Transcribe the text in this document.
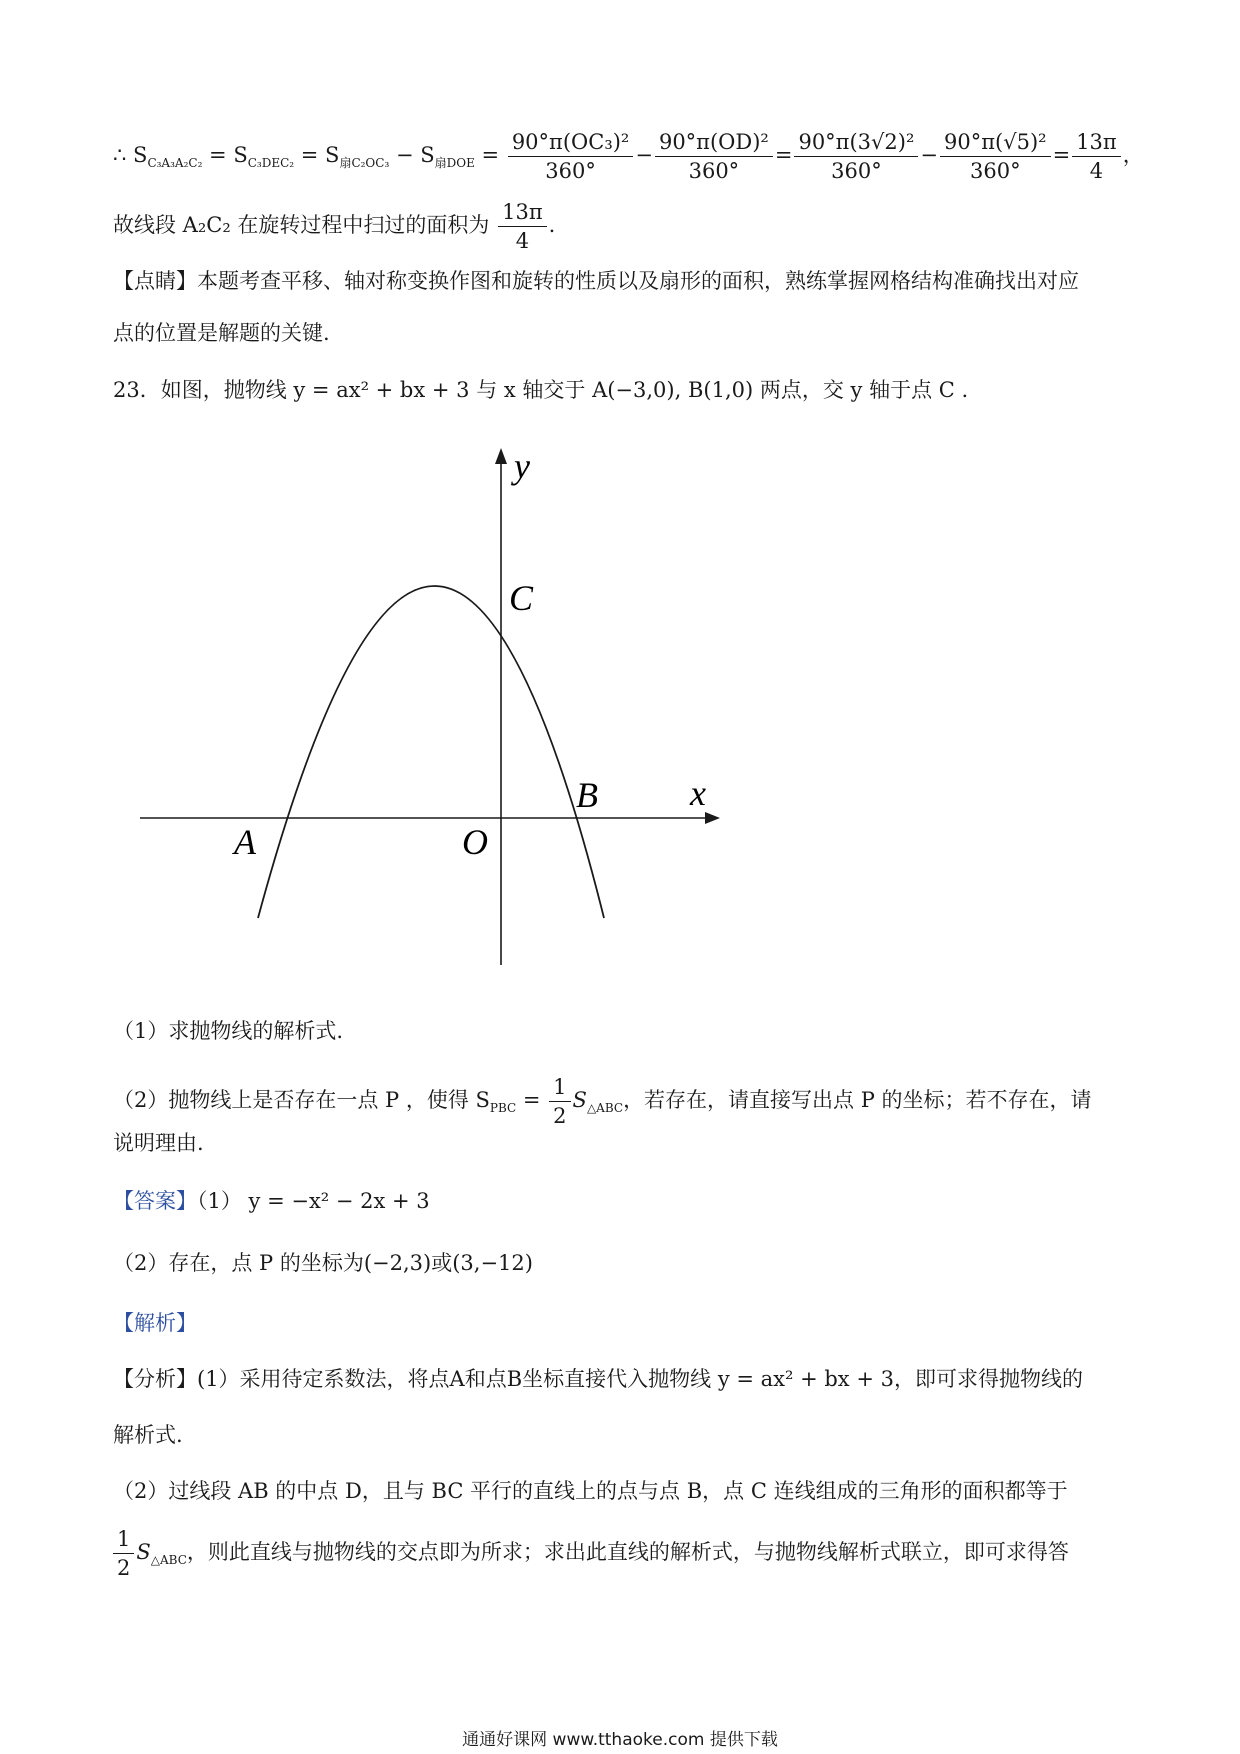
∴ $S_{C_3A_3A_2C_2} = S_{C_3DEC_2} = S_{扇C_2OC_3} - S_{扇DOE} = \frac{\text{90°π(OC₃)²}}{360^\circ} - \frac{\text{90°π(OD)²}}{360^\circ} = \frac{\text{90°π(3√2)²}}{360^\circ} - \frac{\text{90°π(√5)²}}{360^\circ} = \frac{13\pi}{4}$ ，
故线段 A₂C₂ 在旋转过程中扫过的面积为 $\frac{13\pi}{4}$ .
【点睛】本题考查平移、轴对称变换作图和旋转的性质以及扇形的面积，熟练掌握网格结构准确找出对应
点的位置是解题的关键.
23．如图，抛物线 y = ax² + bx + 3 与 x 轴交于 A(−3,0), B(1,0) 两点，交 y 轴于点 C .
y
x
A
B
C
O
（1）求抛物线的解析式.
（2）抛物线上是否存在一点 P ，使得 $S_{PBC} = \frac{1}{2} S_{\triangle ABC}$，若存在，请直接写出点 P 的坐标；若不存在，请
说明理由.
【答案】（1） y = −x² − 2x + 3
（2）存在，点 P 的坐标为(−2,3)或(3,−12)
【解析】
【分析】(1）采用待定系数法，将点A和点B坐标直接代入抛物线 y = ax² + bx + 3，即可求得抛物线的
解析式.
（2）过线段 AB 的中点 D，且与 BC 平行的直线上的点与点 B，点 C 连线组成的三角形的面积都等于
$\frac{1}{2} S_{\triangle ABC}$，则此直线与抛物线的交点即为所求；求出此直线的解析式，与抛物线解析式联立，即可求得答
通通好课网 www.tthaoke.com 提供下载
